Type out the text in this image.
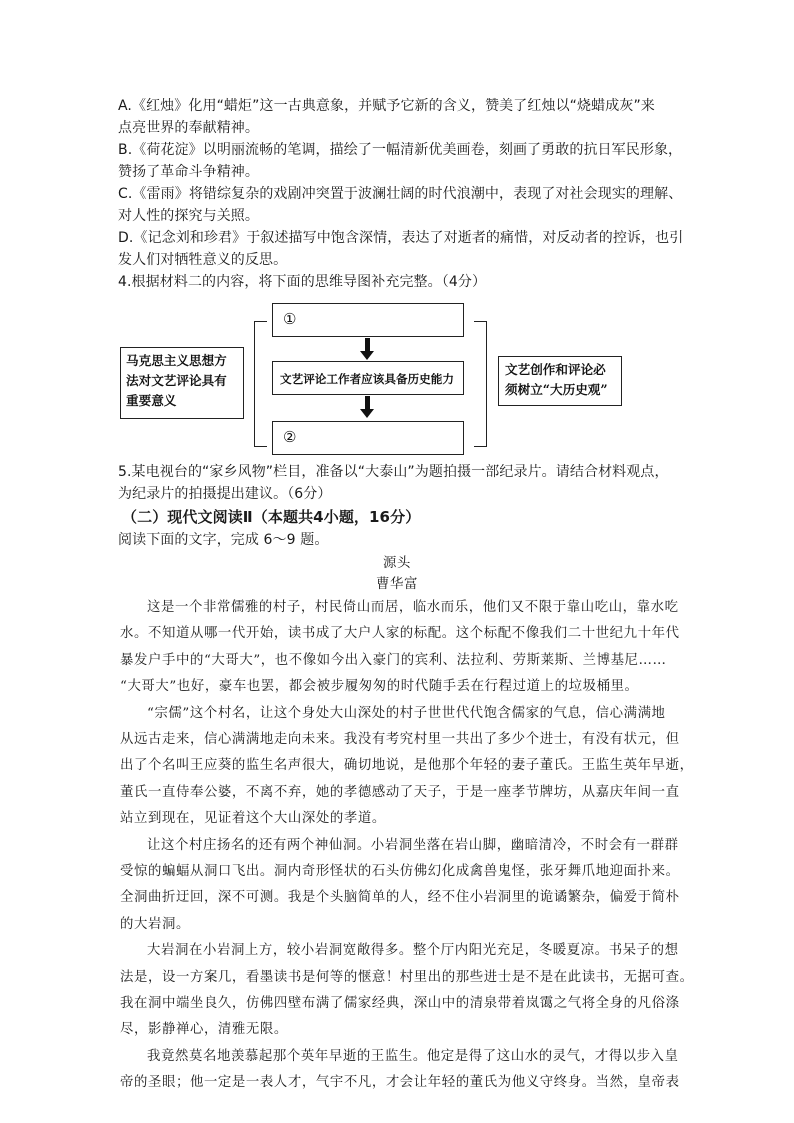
A.《红烛》化用“蜡炬”这一古典意象，并赋予它新的含义，赞美了红烛以“烧蜡成灰”来
点亮世界的奉献精神。
B.《荷花淀》以明丽流畅的笔调，描绘了一幅清新优美画卷，刻画了勇敢的抗日军民形象，
赞扬了革命斗争精神。
C.《雷雨》将错综复杂的戏剧冲突置于波澜壮阔的时代浪潮中，表现了对社会现实的理解、
对人性的探究与关照。
D.《记念刘和珍君》于叙述描写中饱含深情，表达了对逝者的痛惜，对反动者的控诉，也引
发人们对牺牲意义的反思。
4.根据材料二的内容，将下面的思维导图补充完整。（4分）
马克思主义思想方
法对文艺评论具有
重要意义
①
文艺评论工作者应该具备历史能力
②
文艺创作和评论必
须树立“大历史观”
5.某电视台的“家乡风物”栏目，准备以“大泰山”为题拍摄一部纪录片。请结合材料观点，
为纪录片的拍摄提出建议。（6分）
（二）现代文阅读Ⅱ（本题共4小题，16分）
阅读下面的文字，完成 6～9 题。
源头
曹华富
这是一个非常儒雅的村子，村民倚山而居，临水而乐，他们又不限于靠山吃山，靠水吃
水。不知道从哪一代开始，读书成了大户人家的标配。这个标配不像我们二十世纪九十年代
暴发户手中的“大哥大”，也不像如今出入豪门的宾利、法拉利、劳斯莱斯、兰博基尼……
“大哥大”也好，豪车也罢，都会被步履匆匆的时代随手丢在行程过道上的垃圾桶里。
“宗儒”这个村名，让这个身处大山深处的村子世世代代饱含儒家的气息，信心满满地
从远古走来，信心满满地走向未来。我没有考究村里一共出了多少个进士，有没有状元，但
出了个名叫王应葵的监生名声很大，确切地说，是他那个年轻的妻子董氏。王监生英年早逝，
董氏一直侍奉公婆，不离不弃，她的孝德感动了天子，于是一座孝节牌坊，从嘉庆年间一直
站立到现在，见证着这个大山深处的孝道。
让这个村庄扬名的还有两个神仙洞。小岩洞坐落在岩山脚，幽暗清冷，不时会有一群群
受惊的蝙蝠从洞口飞出。洞内奇形怪状的石头仿佛幻化成禽兽鬼怪，张牙舞爪地迎面扑来。
全洞曲折迂回，深不可测。我是个头脑简单的人，经不住小岩洞里的诡谲繁杂，偏爱于简朴
的大岩洞。
大岩洞在小岩洞上方，较小岩洞宽敞得多。整个厅内阳光充足，冬暖夏凉。书呆子的想
法是，设一方案几，看墨读书是何等的惬意！村里出的那些进士是不是在此读书，无据可查。
我在洞中端坐良久，仿佛四壁布满了儒家经典，深山中的清泉带着岚霭之气将全身的凡俗涤
尽，影静禅心，清雅无限。
我竟然莫名地羡慕起那个英年早逝的王监生。他定是得了这山水的灵气，才得以步入皇
帝的圣眼；他一定是一表人才，气宇不凡，才会让年轻的董氏为他义守终身。当然，皇帝表
